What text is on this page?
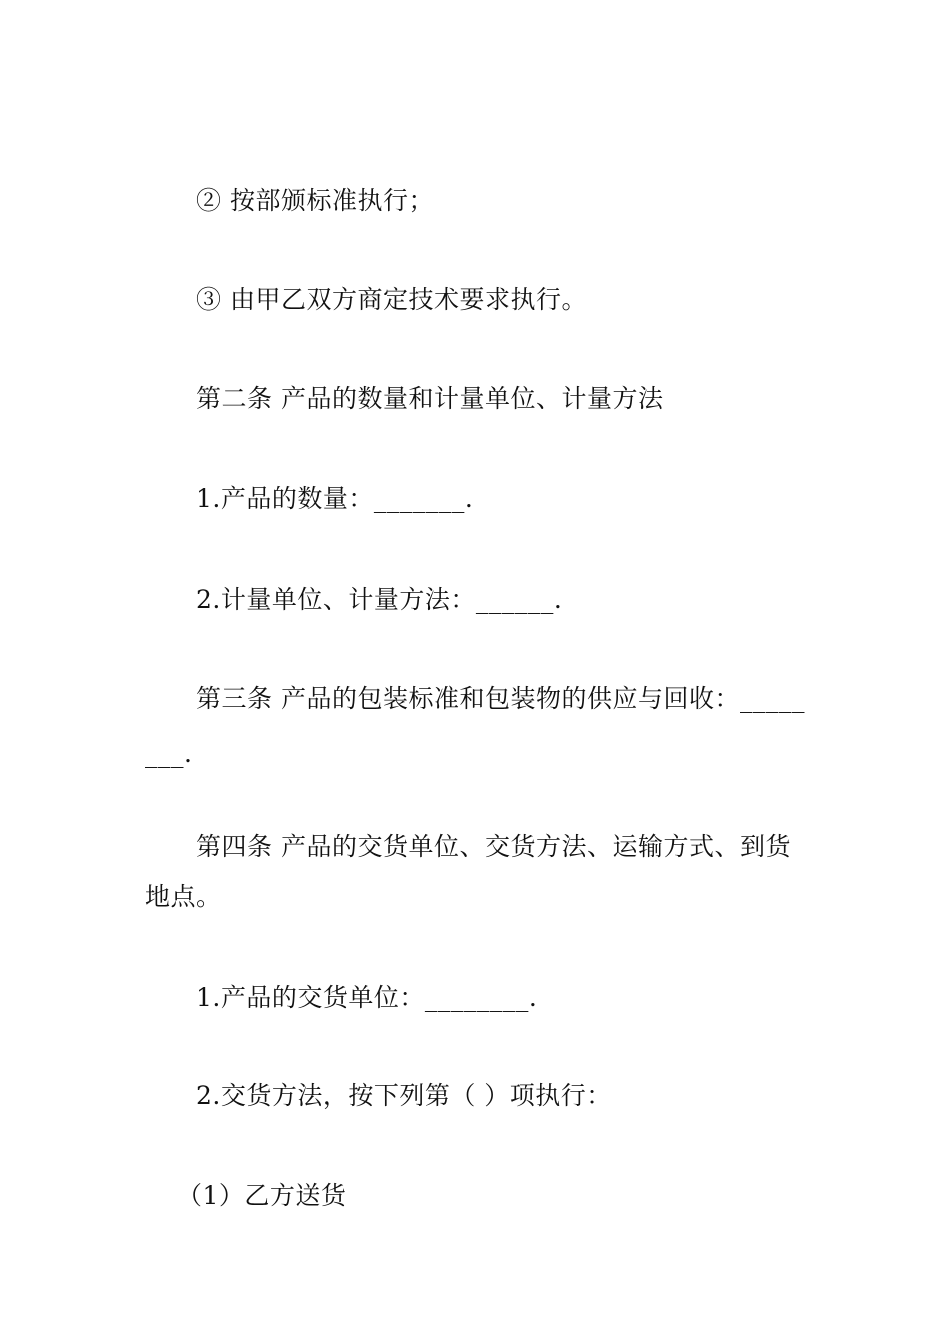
② 按部颁标准执行；
③ 由甲乙双方商定技术要求执行。
第二条 产品的数量和计量单位、计量方法
1.产品的数量：_______.
2.计量单位、计量方法：______.
第三条 产品的包装标准和包装物的供应与回收：_____
___.
第四条 产品的交货单位、交货方法、运输方式、到货
地点。
1.产品的交货单位：________.
2.交货方法，按下列第（ ）项执行：
（1）乙方送货
